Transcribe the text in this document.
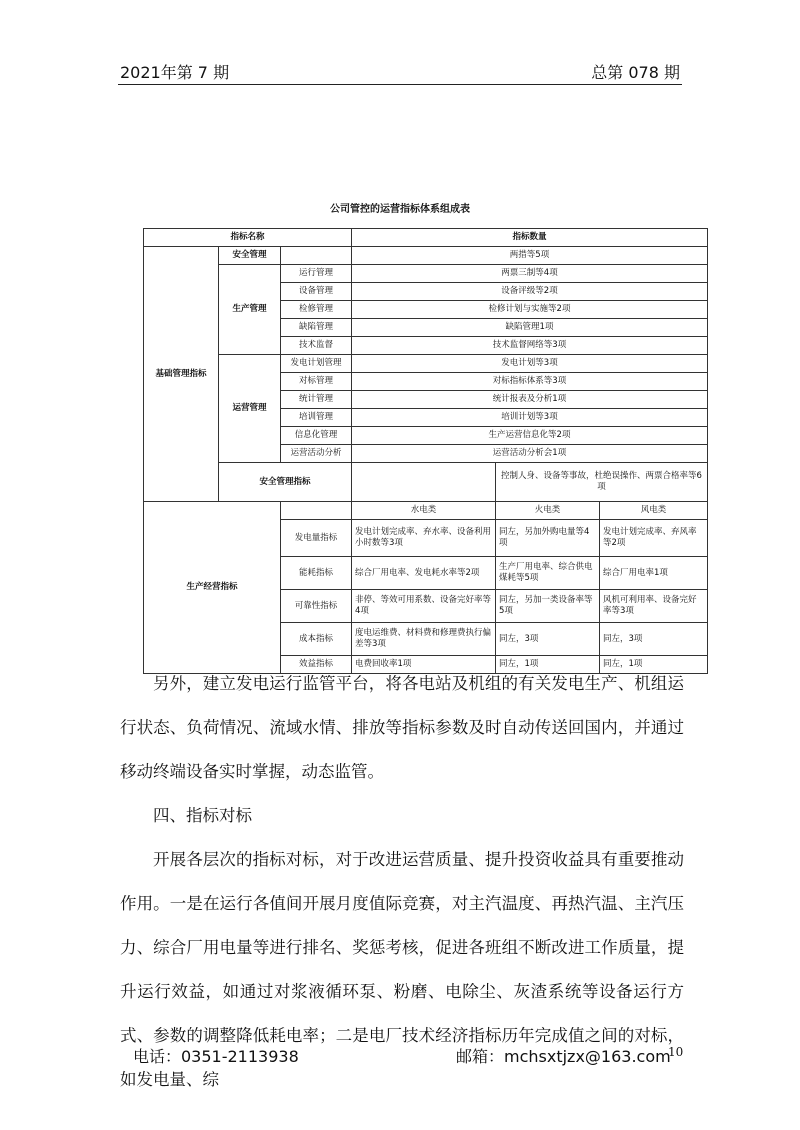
2021年第 7 期	总第 078 期
公司管控的运营指标体系组成表
指标名称			指标数量		
基础管理指标	安全管理		两措等5项		
	生产管理	运行管理	两票三制等4项		
		设备管理	设备评级等2项		
		检修管理	检修计划与实施等2项		
		缺陷管理	缺陷管理1项		
		技术监督	技术监督网络等3项		
	运营管理	发电计划管理	发电计划等3项		
		对标管理	对标指标体系等3项		
		统计管理	统计报表及分析1项		
		培训管理	培训计划等3项		
		信息化管理	生产运营信息化等2项		
		运营活动分析	运营活动分析会1项		
	安全管理指标			控制人身、设备等事故，杜绝误操作、两票合格率等6项	
生产经营指标			水电类	火电类	风电类
		发电量指标	发电计划完成率、弃水率、设备利用小时数等3项	同左，另加外购电量等4项	发电计划完成率、弃风率等2项
		能耗指标	综合厂用电率、发电耗水率等2项	生产厂用电率、综合供电煤耗等5项	综合厂用电率1项
		可靠性指标	非停、等效可用系数、设备完好率等4项	同左，另加一类设备率等5项	风机可利用率、设备完好率等3项
		成本指标	度电运维费、材料费和修理费执行偏差等3项	同左，3项	同左，3项
		效益指标	电费回收率1项	同左，1项	同左，1项
另外，建立发电运行监管平台，将各电站及机组的有关发电生产、机组运行状态、负荷情况、流域水情、排放等指标参数及时自动传送回国内，并通过移动终端设备实时掌握，动态监管。
四、指标对标
开展各层次的指标对标，对于改进运营质量、提升投资收益具有重要推动作用。一是在运行各值间开展月度值际竞赛，对主汽温度、再热汽温、主汽压力、综合厂用电量等进行排名、奖惩考核，促进各班组不断改进工作质量，提升运行效益，如通过对浆液循环泵、粉磨、电除尘、灰渣系统等设备运行方式、参数的调整降低耗电率；二是电厂技术经济指标历年完成值之间的对标，如发电量、综
电话：0351-2113938	邮箱：mchsxtjzx@163.com
10
